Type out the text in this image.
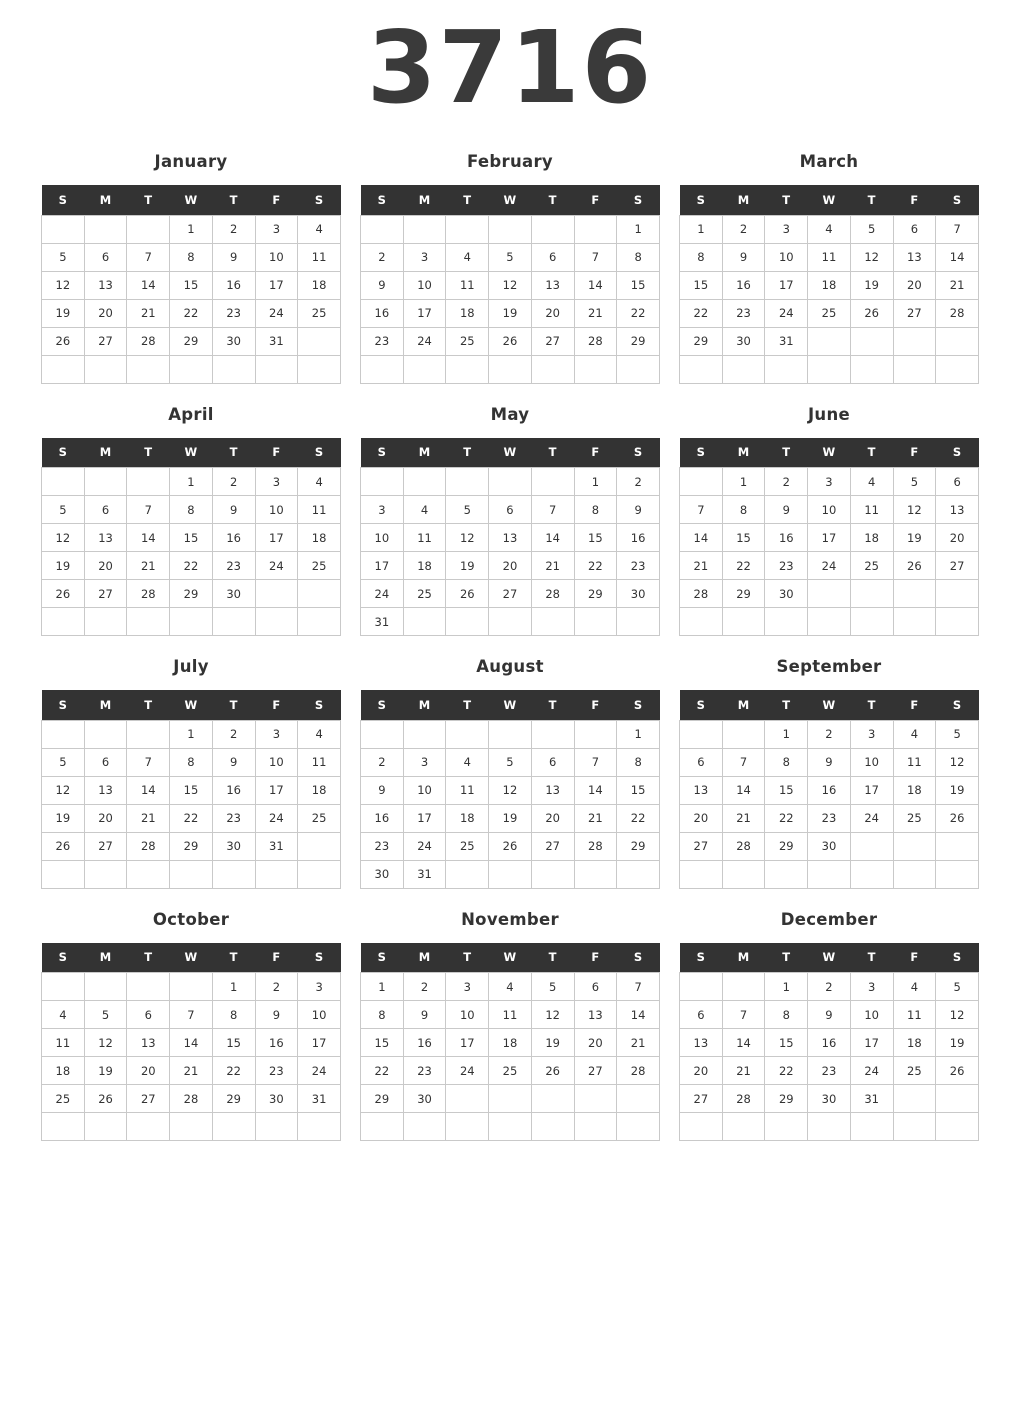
3716
January
S	M	T	W	T	F	S
			1	2	3	4
5	6	7	8	9	10	11
12	13	14	15	16	17	18
19	20	21	22	23	24	25
26	27	28	29	30	31	

February
S	M	T	W	T	F	S
						1
2	3	4	5	6	7	8
9	10	11	12	13	14	15
16	17	18	19	20	21	22
23	24	25	26	27	28	29

March
S	M	T	W	T	F	S
1	2	3	4	5	6	7
8	9	10	11	12	13	14
15	16	17	18	19	20	21
22	23	24	25	26	27	28
29	30	31				

April
S	M	T	W	T	F	S
			1	2	3	4
5	6	7	8	9	10	11
12	13	14	15	16	17	18
19	20	21	22	23	24	25
26	27	28	29	30		

May
S	M	T	W	T	F	S
					1	2
3	4	5	6	7	8	9
10	11	12	13	14	15	16
17	18	19	20	21	22	23
24	25	26	27	28	29	30
31						
June
S	M	T	W	T	F	S
	1	2	3	4	5	6
7	8	9	10	11	12	13
14	15	16	17	18	19	20
21	22	23	24	25	26	27
28	29	30				

July
S	M	T	W	T	F	S
			1	2	3	4
5	6	7	8	9	10	11
12	13	14	15	16	17	18
19	20	21	22	23	24	25
26	27	28	29	30	31	

August
S	M	T	W	T	F	S
						1
2	3	4	5	6	7	8
9	10	11	12	13	14	15
16	17	18	19	20	21	22
23	24	25	26	27	28	29
30	31					
September
S	M	T	W	T	F	S
		1	2	3	4	5
6	7	8	9	10	11	12
13	14	15	16	17	18	19
20	21	22	23	24	25	26
27	28	29	30			

October
S	M	T	W	T	F	S
				1	2	3
4	5	6	7	8	9	10
11	12	13	14	15	16	17
18	19	20	21	22	23	24
25	26	27	28	29	30	31

November
S	M	T	W	T	F	S
1	2	3	4	5	6	7
8	9	10	11	12	13	14
15	16	17	18	19	20	21
22	23	24	25	26	27	28
29	30					

December
S	M	T	W	T	F	S
		1	2	3	4	5
6	7	8	9	10	11	12
13	14	15	16	17	18	19
20	21	22	23	24	25	26
27	28	29	30	31		
